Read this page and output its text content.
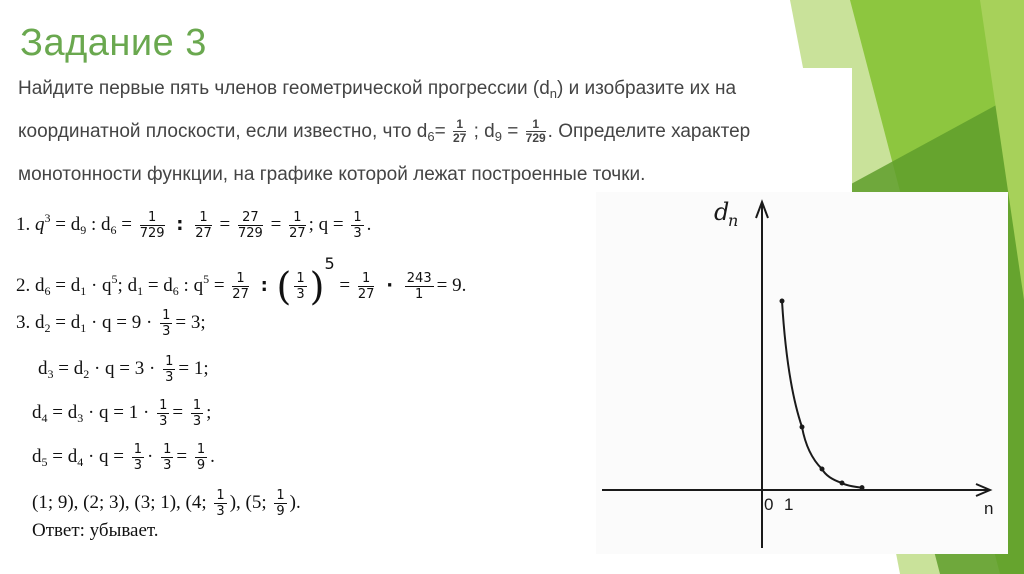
Задание 3
Найдите первые пять членов геометрической прогрессии $(d_n)$ и изобразите их на
координатной плоскости, если известно, что $d_6= \frac{1}{27}$ ; $d_9 = \frac{1}{729}$ . Определите характер
монотонности функции, на графике которой лежат построенные точки.
1. $q^3 = d_9$ : $d_6 = \frac{1}{729}$ : $\frac{1}{27} = \frac{27}{729} = \frac{1}{27}$ ; $q = \frac{1}{3}$ .
2. $d_6 = d_1 \cdot q^5$; $d_1 = d_6$ : $q^5 = \frac{1}{27}$ : ( $\frac{1}{3} )^5 = \frac{1}{27} \cdot \frac{243}{1} = 9$.
3. $d_2 = d_1 \cdot q = 9 \cdot \frac{1}{3} = 3$;
$d_3 = d_2 \cdot q = 3 \cdot \frac{1}{3} = 1$;
$d_4 = d_3 \cdot q = 1 \cdot \frac{1}{3} = \frac{1}{3}$ ;
$d_5 = d_4 \cdot q = \frac{1}{3} \cdot \frac{1}{3} = \frac{1}{9}$ .
(1; 9), (2; 3), (3; 1), (4; $\frac{1}{3}$ ), (5; $\frac{1}{9}$ ).
Ответ: убывает.
d
n
n
0 1
